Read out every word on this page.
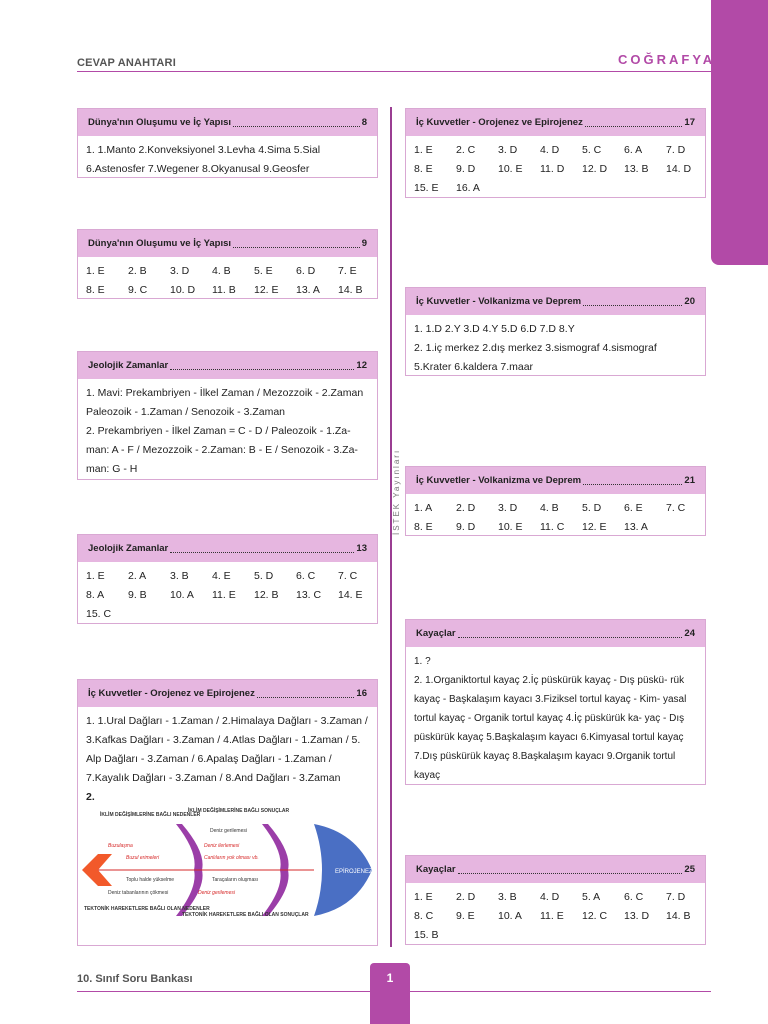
CEVAP ANAHTARI	COĞRAFYA
İSTEK Yayınları
Dünya'nın Oluşumu ve İç Yapısı	8
1. 1.Manto 2.Konveksiyonel 3.Levha 4.Sima 5.Sial
6.Astenosfer 7.Wegener 8.Okyanusal 9.Geosfer
Dünya'nın Oluşumu ve İç Yapısı	9
1. E	2. B	3. D	4. B	5. E	6. D	7. E
8. E	9. C	10. D	11. B	12. E	13. A	14. B
Jeolojik Zamanlar	12
1. Mavi: Prekambriyen - İlkel Zaman / Mezozzoik - 2.Zaman Paleozoik - 1.Zaman / Senozoik - 3.Zaman
2. Prekambriyen - İlkel Zaman = C - D / Paleozoik - 1.Za- man: A - F / Mezozzoik - 2.Zaman: B - E / Senozoik - 3.Za- man: G - H
Jeolojik Zamanlar	13
1. E	2. A	3. B	4. E	5. D	6. C	7. C
8. A	9. B	10. A	11. E	12. B	13. C	14. E
15. C
İç Kuvvetler - Orojenez ve Epirojenez	16
1. 1.Ural Dağları - 1.Zaman / 2.Himalaya Dağları - 3.Zaman / 3.Kafkas Dağları - 3.Zaman / 4.Atlas Dağları - 1.Zaman / 5. Alp Dağları - 3.Zaman / 6.Apalaş Dağları - 1.Zaman / 7.Kayalık Dağları - 3.Zaman / 8.And Dağları - 3.Zaman
2.
EPİROJENEZ
İKLİM DEĞİŞİMLERİNE BAĞLI NEDENLER
İKLİM DEĞİŞİMLERİNE BAĞLI SONUÇLAR
Deniz gerilemesi
Buzulaşma	Deniz ilerlemesi
Buzul erimeleri	Canlıların yok olması vb.
Toplu halde yükselme	Taraçaların oluşması
Deniz tabanlarının çökmesi	Deniz gerilemesi
TEKTONİK HAREKETLERE BAĞLI OLAN NEDENLER
TEKTONİK HAREKETLERE BAĞLI OLAN SONUÇLAR
İç Kuvvetler - Orojenez ve Epirojenez	17
1. E	2. C	3. D	4. D	5. C	6. A	7. D
8. E	9. D	10. E	11. D	12. D	13. B	14. D
15. E	16. A
İç Kuvvetler - Volkanizma ve Deprem	20
1. 1.D 2.Y 3.D 4.Y 5.D 6.D 7.D 8.Y
2. 1.iç merkez 2.dış merkez 3.sismograf 4.sismograf
5.Krater 6.kaldera 7.maar
İç Kuvvetler - Volkanizma ve Deprem	21
1. A	2. D	3. D	4. B	5. D	6. E	7. C
8. E	9. D	10. E	11. C	12. E	13. A
Kayaçlar	24
1. ?
2. 1.Organiktortul kayaç 2.İç püskürük kayaç - Dış püskü- rük kayaç - Başkalaşım kayacı 3.Fiziksel tortul kayaç - Kim- yasal tortul kayaç - Organik tortul kayaç 4.İç püskürük ka- yaç - Dış püskürük kayaç 5.Başkalaşım kayacı 6.Kimyasal tortul kayaç 7.Dış püskürük kayaç 8.Başkalaşım kayacı 9.Organik tortul kayaç
Kayaçlar	25
1. E	2. D	3. B	4. D	5. A	6. C	7. D
8. C	9. E	10. A	11. E	12. C	13. D	14. B
15. B
10. Sınıf Soru Bankası	1
